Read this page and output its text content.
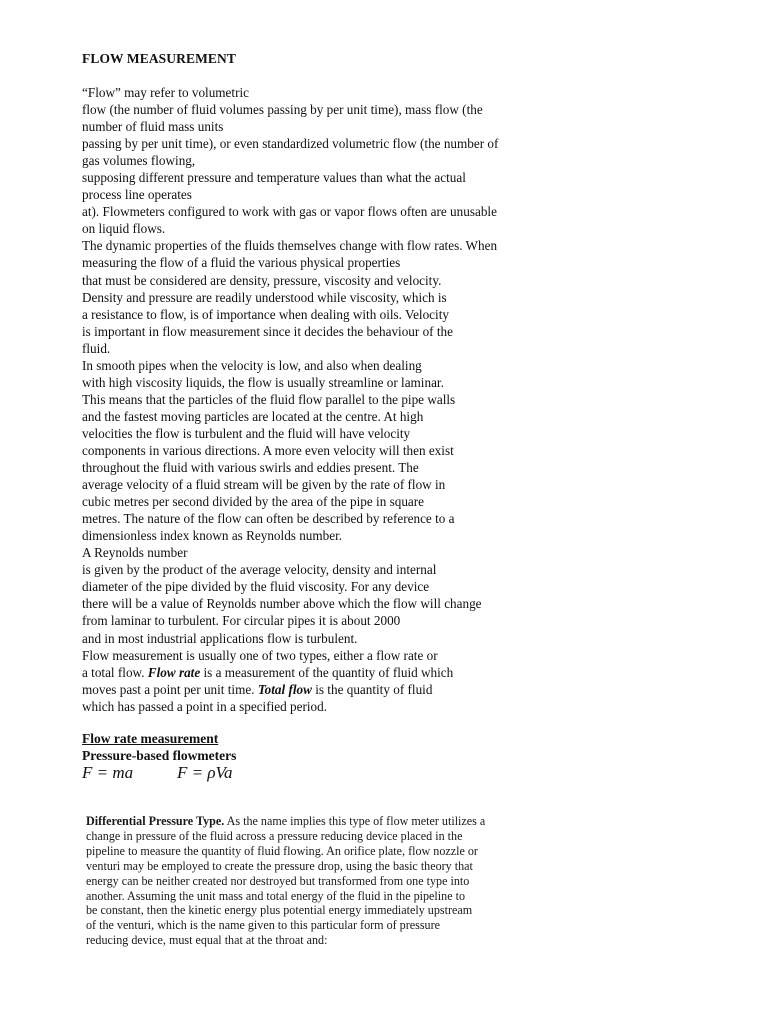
FLOW MEASUREMENT
“Flow” may refer to volumetric
flow (the number of fluid volumes passing by per unit time), mass flow (the
number of fluid mass units
passing by per unit time), or even standardized volumetric flow (the number of
gas volumes flowing,
supposing different pressure and temperature values than what the actual
process line operates
at). Flowmeters configured to work with gas or vapor flows often are unusable
on liquid flows.
The dynamic properties of the fluids themselves change with flow rates. When
measuring the flow of a fluid the various physical properties
that must be considered are density, pressure, viscosity and velocity.
Density and pressure are readily understood while viscosity, which is
a resistance to flow, is of importance when dealing with oils. Velocity
is important in flow measurement since it decides the behaviour of the
fluid.
In smooth pipes when the velocity is low, and also when dealing
with high viscosity liquids, the flow is usually streamline or laminar.
This means that the particles of the fluid flow parallel to the pipe walls
and the fastest moving particles are located at the centre. At high
velocities the flow is turbulent and the fluid will have velocity
components in various directions. A more even velocity will then exist
throughout the fluid with various swirls and eddies present. The
average velocity of a fluid stream will be given by the rate of flow in
cubic metres per second divided by the area of the pipe in square
metres. The nature of the flow can often be described by reference to a
dimensionless index known as Reynolds number.
A Reynolds number
is given by the product of the average velocity, density and internal
diameter of the pipe divided by the fluid viscosity. For any device
there will be a value of Reynolds number above which the flow will change
from laminar to turbulent. For circular pipes it is about 2000
and in most industrial applications flow is turbulent.
Flow measurement is usually one of two types, either a flow rate or
a total flow. Flow rate is a measurement of the quantity of fluid which
moves past a point per unit time. Total flow is the quantity of fluid
which has passed a point in a specified period.
Flow rate measurement
Pressure-based flowmeters
F = ma	F = ρVa
Differential Pressure Type. As the name implies this type of flow meter utilizes a
change in pressure of the fluid across a pressure reducing device placed in the
pipeline to measure the quantity of fluid flowing. An orifice plate, flow nozzle or
venturi may be employed to create the pressure drop, using the basic theory that
energy can be neither created nor destroyed but transformed from one type into
another. Assuming the unit mass and total energy of the fluid in the pipeline to
be constant, then the kinetic energy plus potential energy immediately upstream
of the venturi, which is the name given to this particular form of pressure
reducing device, must equal that at the throat and:
